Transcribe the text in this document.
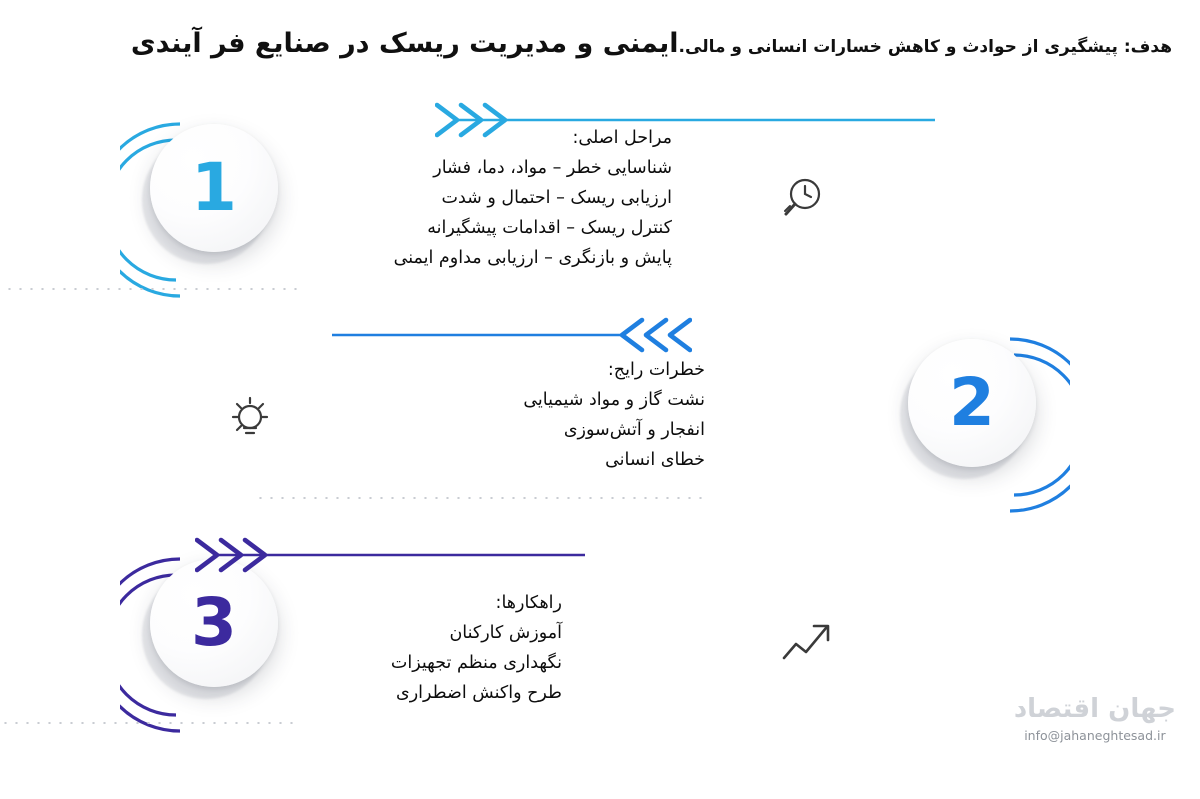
هدف: پیشگیری از حوادث و کاهش خسارات انسانی و مالی.ایمنی و مدیریت ریسک در صنایع فر آیندی
1
مراحل اصلی:
شناسایی خطر – مواد، دما، فشار
ارزیابی ریسک – احتمال و شدت
کنترل ریسک – اقدامات پیشگیرانه
پایش و بازنگری – ارزیابی مداوم ایمنی
2
خطرات رایج:
نشت گاز و مواد شیمیایی
انفجار و آتش‌سوزی
خطای انسانی
3	راهکارها:
آموزش کارکنان
نگهداری منظم تجهیزات
طرح واکنش اضطراری
جهان اقتصاد
info@jahaneghtesad.ir
